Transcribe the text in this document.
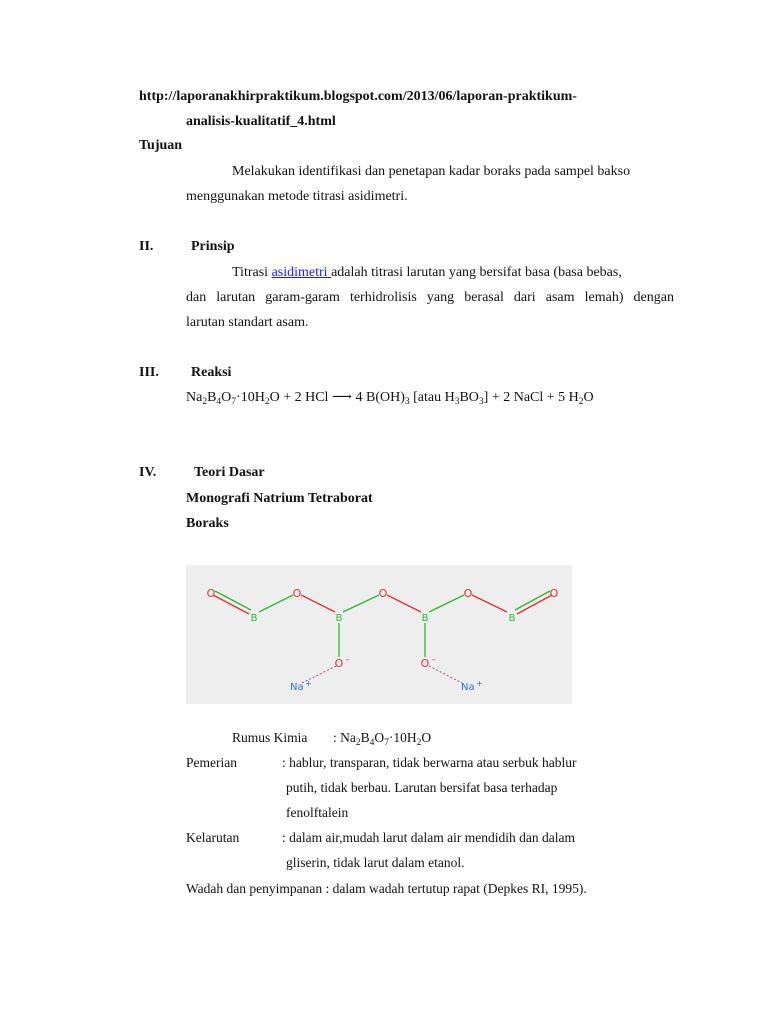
http://laporanakhirpraktikum.blogspot.com/2013/06/laporan-praktikum-

analisis-kualitatif_4.html

Tujuan

Melakukan identifikasi dan penetapan kadar boraks pada sampel bakso

menggunakan metode titrasi asidimetri.

II.	Prinsip

Titrasi asidimetri adalah titrasi larutan yang bersifat basa (basa bebas,

dan larutan garam-garam terhidrolisis yang berasal dari asam lemah) dengan

larutan standart asam.

III. Reaksi

$Na_2B_4O_7\cdot 10H_2O + 2$ HCl ⟶ 4 $B(OH)_3$ [atau $H_3BO_3] + 2$ NaCl + 5 $H_2O$

IV.	Teori Dasar

Monografi Natrium Tetraborat

Boraks

O
B
O
B
O
B
O
B
O
O -	O -
Na +	Na +

Rumus Kimia : $Na_2B_4O_7\cdot 10H_2O$

Pemerian	: hablur, transparan, tidak berwarna atau serbuk hablur

putih, tidak berbau. Larutan bersifat basa terhadap

fenolftalein

Kelarutan	: dalam air,mudah larut dalam air mendidih dan dalam

gliserin, tidak larut dalam etanol.

Wadah dan penyimpanan : dalam wadah tertutup rapat (Depkes RI, 1995).
